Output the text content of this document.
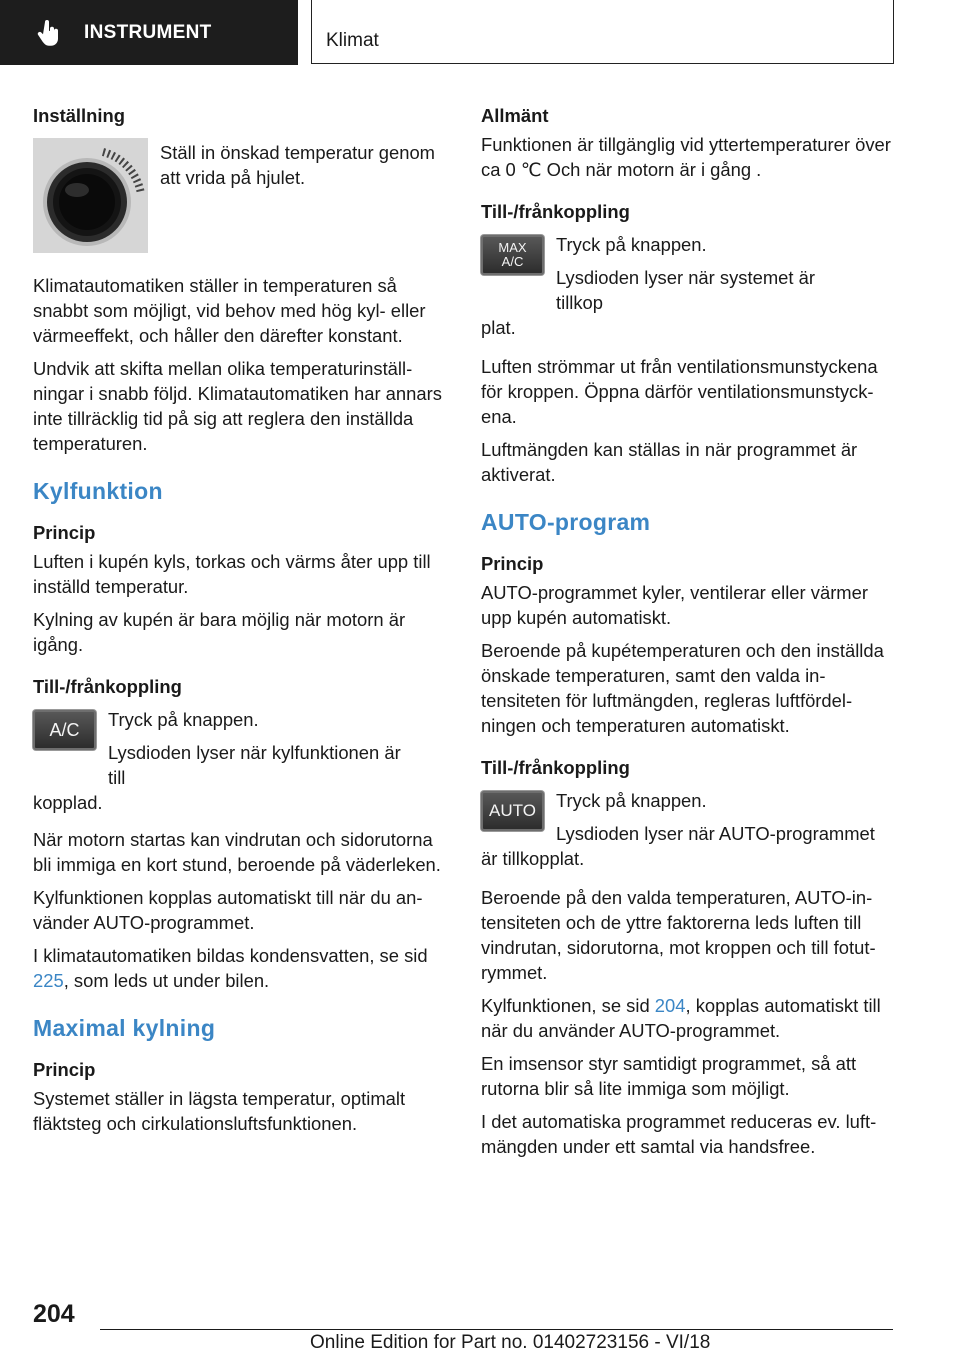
INSTRUMENT	Klimat
Inställning

Ställ in önskad temperatur genom att vrida på hjulet.

Klimatautomatiken ställer in temperaturen så snabbt som möjligt, vid behov med hög kyl- eller värmeeffekt, och håller den därefter konstant.

Undvik att skifta mellan olika temperaturinställningar i snabb följd. Klimatautomatiken har annars inte tillräcklig tid på sig att reglera den inställda temperaturen.

Kylfunktion
Princip

Luften i kupén kyls, torkas och värms åter upp till inställd temperatur.

Kylning av kupén är bara möjlig när motorn är igång.

Till-/frånkoppling
A/C	Tryck på knappen.

Lysdioden lyser när kylfunktionen är till

kopplad.

När motorn startas kan vindrutan och sidorutorna bli immiga en kort stund, beroende på väderleken.

Kylfunktionen kopplas automatiskt till när du använder AUTO-programmet.

I klimatautomatiken bildas kondensvatten, se sid 225, som leds ut under bilen.

Maximal kylning
Princip

Systemet ställer in lägsta temperatur, optimalt fläktsteg och cirkulationsluftsfunktionen.

Allmänt

Funktionen är tillgänglig vid yttertemperaturer över ca 0 ℃ Och när motorn är i gång .

Till-/frånkoppling
MAX
A/C

Tryck på knappen.

Lysdioden lyser när systemet är tillkop

plat.

Luften strömmar ut från ventilationsmunstyckena för kroppen. Öppna därför ventilationsmunstyckena.

Luftmängden kan ställas in när programmet är aktiverat.

AUTO-program
Princip

AUTO-programmet kyler, ventilerar eller värmer upp kupén automatiskt.

Beroende på kupétemperaturen och den inställda önskade temperaturen, samt den valda intensiteten för luftmängden, regleras luftfördelningen och temperaturen automatiskt.

Till-/frånkoppling
AUTO	Tryck på knappen.

Lysdioden lyser när AUTO-programmet

är tillkopplat.

Beroende på den valda temperaturen, AUTO-intensiteten och de yttre faktorerna leds luften till vindrutan, sidorutorna, mot kroppen och till fotutrymmet.

Kylfunktionen, se sid 204, kopplas automatiskt till när du använder AUTO-programmet.

En imsensor styr samtidigt programmet, så att rutorna blir så lite immiga som möjligt.

I det automatiska programmet reduceras ev. luftmängden under ett samtal via handsfree.

204
Online Edition for Part no. 01402723156 - VI/18
